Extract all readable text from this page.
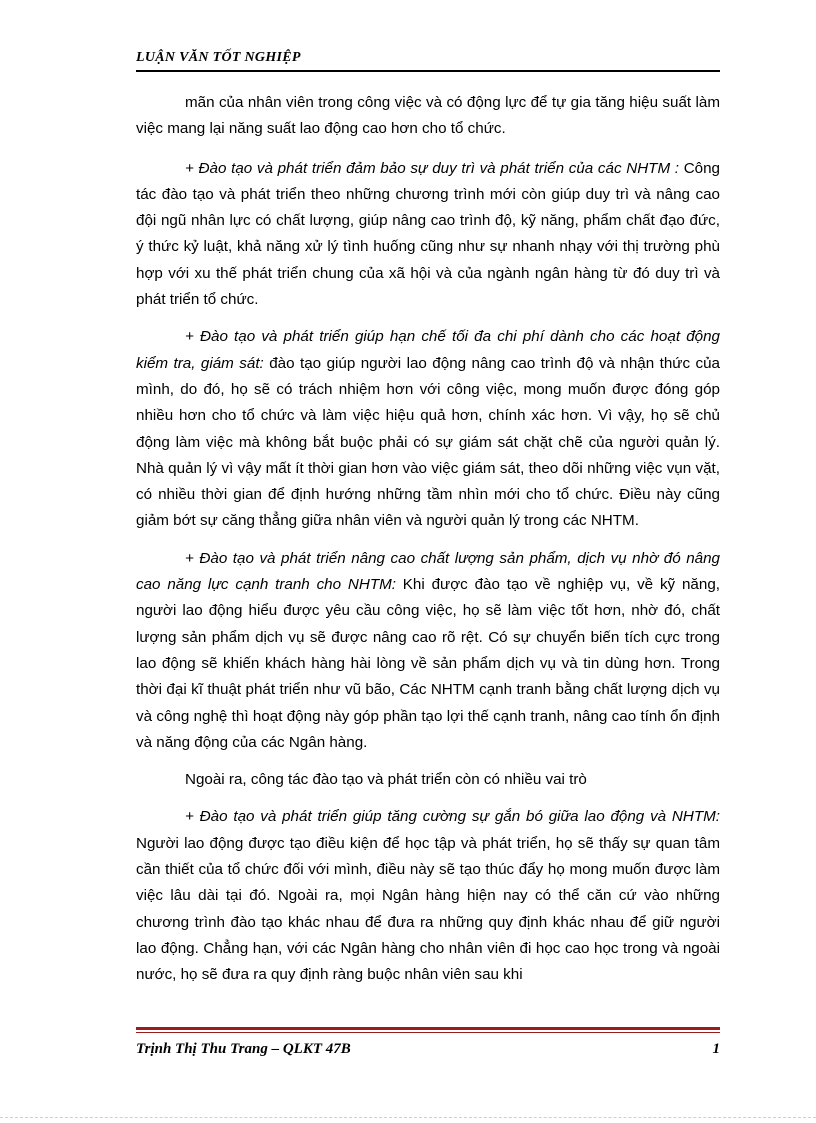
LUẬN VĂN TỐT NGHIỆP

mãn của nhân viên trong công việc và có động lực để tự gia tăng hiệu suất làm việc mang lại năng suất lao động cao hơn cho tổ chức.

+ Đào tạo và phát triển đảm bảo sự duy trì và phát triển của các NHTM : Công tác đào tạo và phát triển theo những chương trình mới còn giúp duy trì và nâng cao đội ngũ nhân lực có chất lượng, giúp nâng cao trình độ, kỹ năng, phẩm chất đạo đức, ý thức kỷ luật, khả năng xử lý tình huống cũng như sự nhanh nhạy với thị trường phù hợp với xu thế phát triển chung của xã hội và của ngành ngân hàng từ đó duy trì và phát triển tổ chức.

+ Đào tạo và phát triển giúp hạn chế tối đa chi phí dành cho các hoạt động kiểm tra, giám sát: đào tạo giúp người lao động nâng cao trình độ và nhận thức của mình, do đó, họ sẽ có trách nhiệm hơn với công việc, mong muốn được đóng góp nhiều hơn cho tổ chức và làm việc hiệu quả hơn, chính xác hơn. Vì vậy, họ sẽ chủ động làm việc mà không bắt buộc phải có sự giám sát chặt chẽ của người quản lý. Nhà quản lý vì vậy mất ít thời gian hơn vào việc giám sát, theo dõi những việc vụn vặt, có nhiều thời gian để định hướng những tầm nhìn mới cho tổ chức. Điều này cũng giảm bớt sự căng thẳng giữa nhân viên và người quản lý trong các NHTM.

+ Đào tạo và phát triển nâng cao chất lượng sản phẩm, dịch vụ nhờ đó nâng cao năng lực cạnh tranh cho NHTM: Khi được đào tạo về nghiệp vụ, về kỹ năng, người lao động hiểu được yêu cầu công việc, họ sẽ làm việc tốt hơn, nhờ đó, chất lượng sản phẩm dịch vụ sẽ được nâng cao rõ rệt. Có sự chuyển biến tích cực trong lao động sẽ khiến khách hàng hài lòng về sản phẩm dịch vụ và tin dùng hơn. Trong thời đại kĩ thuật phát triển như vũ bão, Các NHTM cạnh tranh bằng chất lượng dịch vụ và công nghệ thì hoạt động này góp phần tạo lợi thế cạnh tranh, nâng cao tính ổn định và năng động của các Ngân hàng.

Ngoài ra, công tác đào tạo và phát triển còn có nhiều vai trò

+ Đào tạo và phát triển giúp tăng cường sự gắn bó giữa lao động và NHTM: Người lao động được tạo điều kiện để học tập và phát triển, họ sẽ thấy sự quan tâm cần thiết của tổ chức đối với mình, điều này sẽ tạo thúc đẩy họ mong muốn được làm việc lâu dài tại đó. Ngoài ra, mọi Ngân hàng hiện nay có thể căn cứ vào những chương trình đào tạo khác nhau để đưa ra những quy định khác nhau để giữ người lao động. Chẳng hạn, với các Ngân hàng cho nhân viên đi học cao học trong và ngoài nước, họ sẽ đưa ra quy định ràng buộc nhân viên sau khi

Trịnh Thị Thu Trang – QLKT 47B	1
